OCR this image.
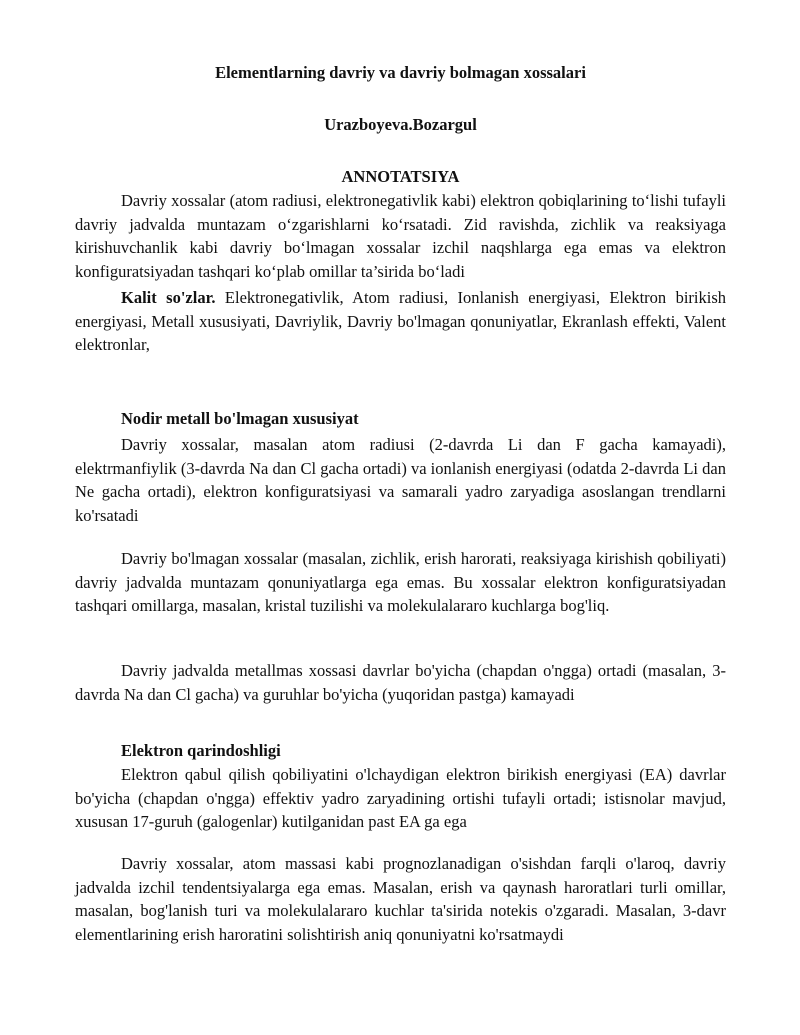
Elementlarning davriy va davriy bolmagan xossalari
Urazboyeva.Bozargul
ANNOTATSIYA

Davriy xossalar (atom radiusi, elektronegativlik kabi) elektron qobiqlarining to‘lishi tufayli davriy jadvalda muntazam o‘zgarishlarni ko‘rsatadi. Zid ravishda, zichlik va reaksiyaga kirishuvchanlik kabi davriy bo‘lmagan xossalar izchil naqshlarga ega emas va elektron konfiguratsiyadan tashqari ko‘plab omillar ta’sirida bo‘ladi

Kalit so'zlar. Elektronegativlik, Atom radiusi, Ionlanish energiyasi, Elektron birikish energiyasi, Metall xususiyati, Davriylik, Davriy bo'lmagan qonuniyatlar, Ekranlash effekti, Valent elektronlar,

Nodir metall bo'lmagan xususiyat

Davriy xossalar, masalan atom radiusi (2-davrda Li dan F gacha kamayadi), elektrmanfiylik (3-davrda Na dan Cl gacha ortadi) va ionlanish energiyasi (odatda 2-davrda Li dan Ne gacha ortadi), elektron konfiguratsiyasi va samarali yadro zaryadiga asoslangan trendlarni ko'rsatadi

Davriy bo'lmagan xossalar (masalan, zichlik, erish harorati, reaksiyaga kirishish qobiliyati) davriy jadvalda muntazam qonuniyatlarga ega emas. Bu xossalar elektron konfiguratsiyadan tashqari omillarga, masalan, kristal tuzilishi va molekulalararo kuchlarga bog'liq.

Davriy jadvalda metallmas xossasi davrlar bo'yicha (chapdan o'ngga) ortadi (masalan, 3-davrda Na dan Cl gacha) va guruhlar bo'yicha (yuqoridan pastga) kamayadi

Elektron qarindoshligi

Elektron qabul qilish qobiliyatini o'lchaydigan elektron birikish energiyasi (EA) davrlar bo'yicha (chapdan o'ngga) effektiv yadro zaryadining ortishi tufayli ortadi; istisnolar mavjud, xususan 17-guruh (galogenlar) kutilganidan past EA ga ega

Davriy xossalar, atom massasi kabi prognozlanadigan o'sishdan farqli o'laroq, davriy jadvalda izchil tendentsiyalarga ega emas. Masalan, erish va qaynash haroratlari turli omillar, masalan, bog'lanish turi va molekulalararo kuchlar ta'sirida notekis o'zgaradi. Masalan, 3-davr elementlarining erish haroratini solishtirish aniq qonuniyatni ko'rsatmaydi
